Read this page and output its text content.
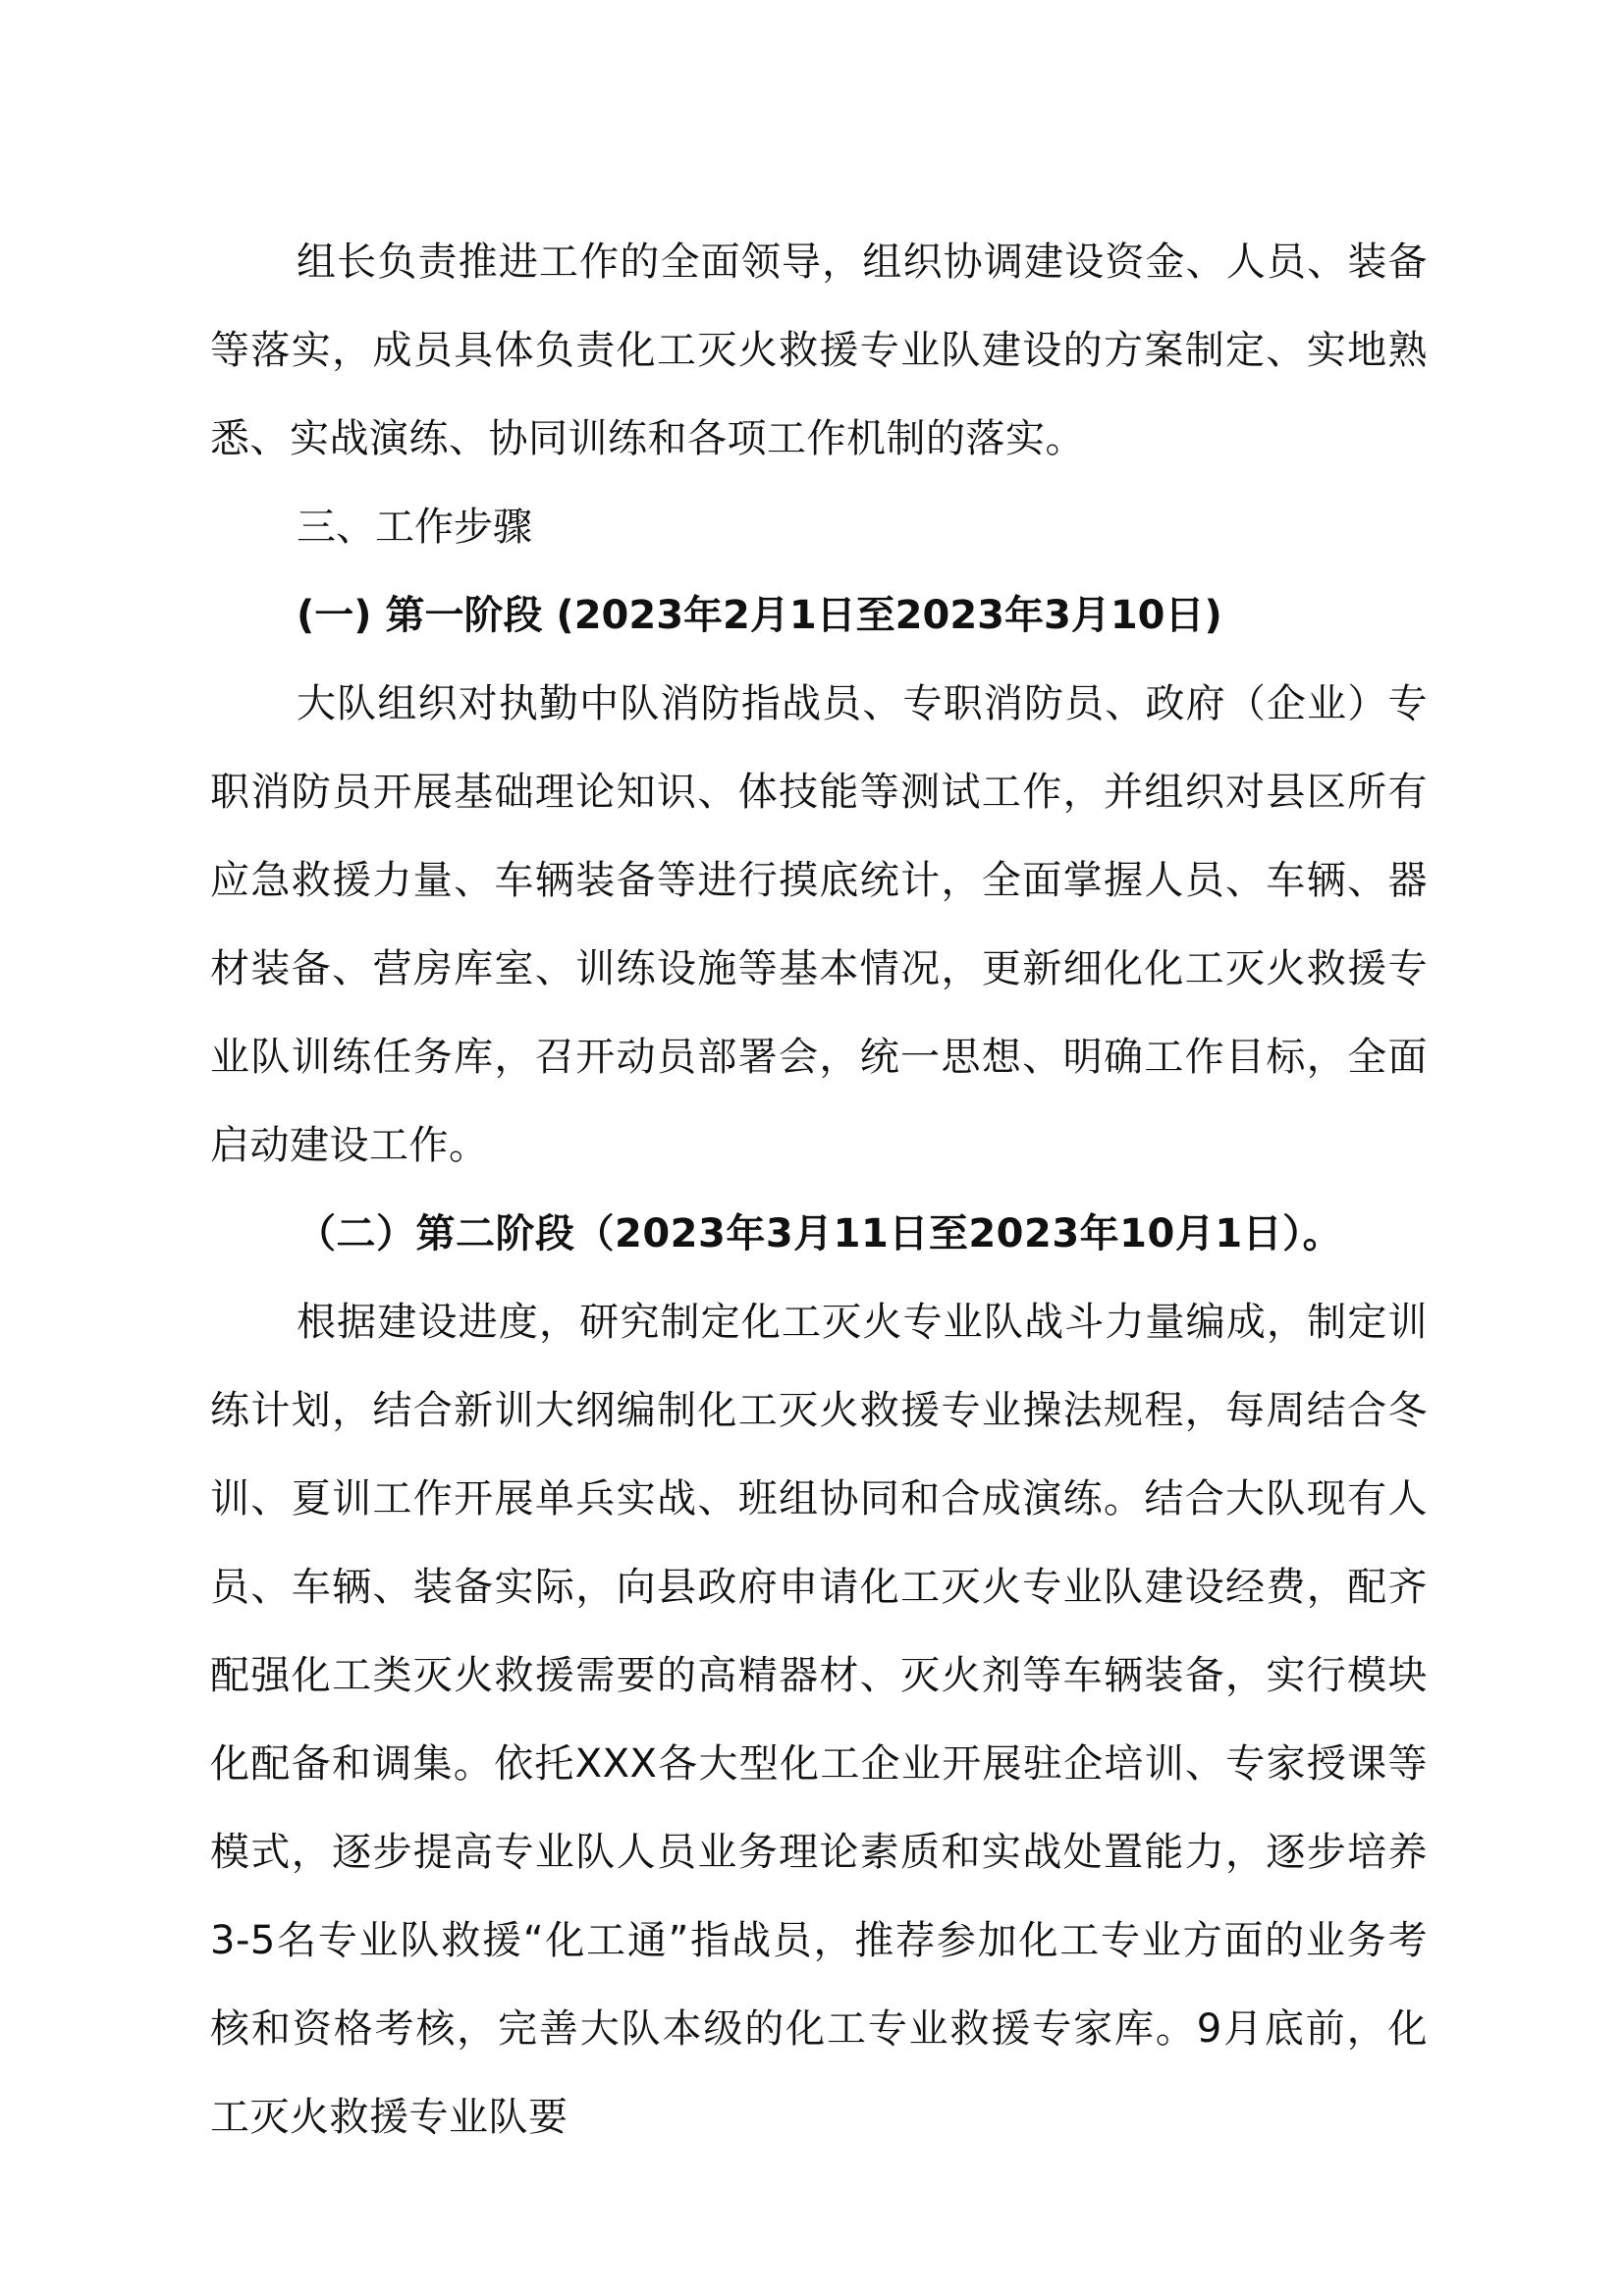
组长负责推进工作的全面领导，组织协调建设资金、人员、装备等落实，成员具体负责化工灭火救援专业队建设的方案制定、实地熟悉、实战演练、协同训练和各项工作机制的落实。

三、工作步骤

(一) 第一阶段 (2023年2月1日至2023年3月10日)

大队组织对执勤中队消防指战员、专职消防员、政府（企业）专职消防员开展基础理论知识、体技能等测试工作，并组织对县区所有应急救援力量、车辆装备等进行摸底统计，全面掌握人员、车辆、器材装备、营房库室、训练设施等基本情况，更新细化化工灭火救援专业队训练任务库，召开动员部署会，统一思想、明确工作目标，全面启动建设工作。

（二）第二阶段（2023年3月11日至2023年10月1日）。

根据建设进度，研究制定化工灭火专业队战斗力量编成，制定训练计划，结合新训大纲编制化工灭火救援专业操法规程，每周结合冬训、夏训工作开展单兵实战、班组协同和合成演练。结合大队现有人员、车辆、装备实际，向县政府申请化工灭火专业队建设经费，配齐配强化工类灭火救援需要的高精器材、灭火剂等车辆装备，实行模块化配备和调集。依托XXX各大型化工企业开展驻企培训、专家授课等模式，逐步提高专业队人员业务理论素质和实战处置能力，逐步培养3-5名专业队救援“化工通”指战员，推荐参加化工专业方面的业务考核和资格考核，完善大队本级的化工专业救援专家库。9月底前，化工灭火救援专业队要
